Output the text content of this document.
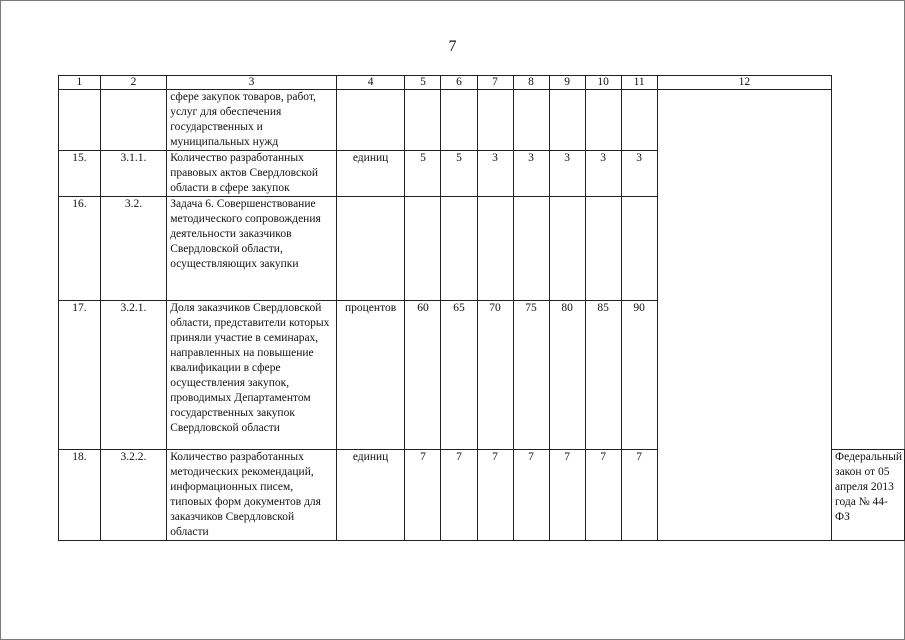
7
1	2	3	4	5	6	7	8	9	10	11	12	
		сфере закупок товаров, работ, услуг для обеспечения государственных и муниципальных нужд										
15.	3.1.1.	Количество разработанных правовых актов Свердловской области в сфере закупок	единиц	5	5	3	3	3	3	3		
16.	3.2.	Задача 6. Совершенствование методического сопровождения деятельности заказчиков Свердловской области, осуществляющих закупки										
17.	3.2.1.	Доля заказчиков Свердловской области, представители которых приняли участие в семинарах, направленных на повышение квалификации в сфере осуществления закупок, проводимых Департаментом государственных закупок Свердловской области	процентов	60	65	70	75	80	85	90		
18.	3.2.2.	Количество разработанных методических рекомендаций, информационных писем, типовых форм документов для заказчиков Свердловской области	единиц	7	7	7	7	7	7	7		Федеральный закон от 05 апреля 2013 года № 44-ФЗ
